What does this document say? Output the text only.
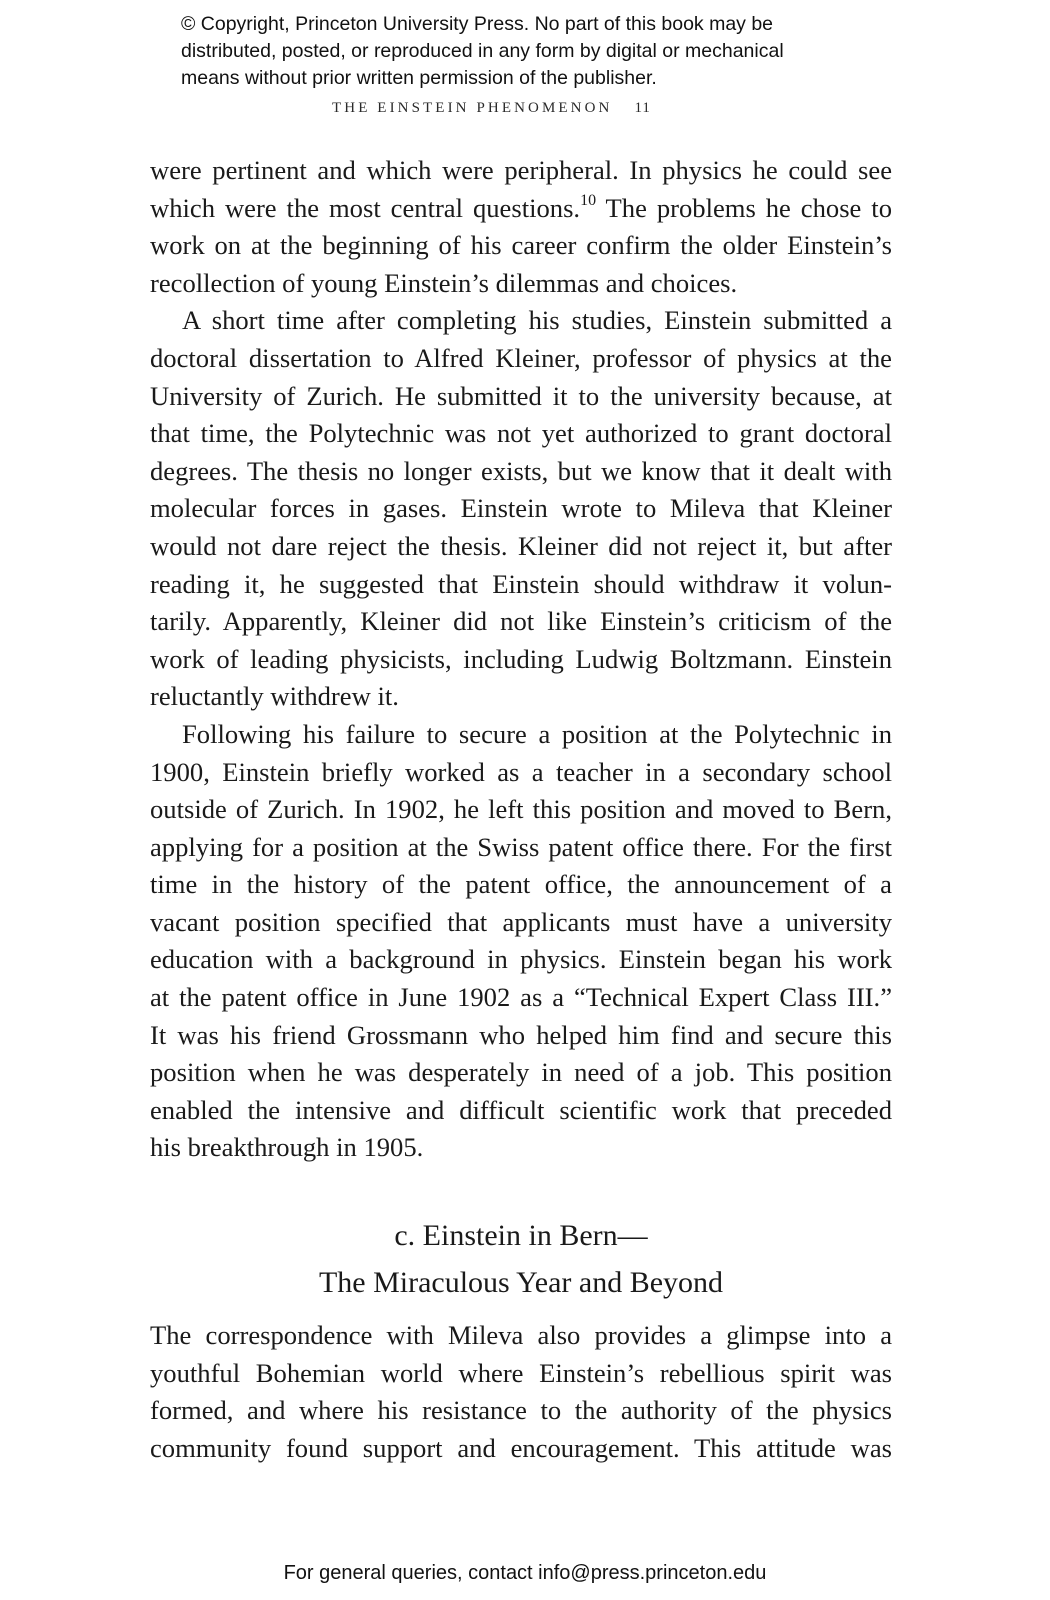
© Copyright, Princeton University Press. No part of this book may be
distributed, posted, or reproduced in any form by digital or mechanical
means without prior written permission of the publisher.
THE EINSTEIN PHENOMENON 11
were pertinent and which were peripheral. In physics he could see
which were the most central questions.$^{10}$ The problems he chose to
work on at the beginning of his career confirm the older Einstein’s
recollection of young Einstein’s dilemmas and choices.
A short time after completing his studies, Einstein submitted a
doctoral dissertation to Alfred Kleiner, professor of physics at the
University of Zurich. He submitted it to the university because, at
that time, the Polytechnic was not yet authorized to grant doctoral
degrees. The thesis no longer exists, but we know that it dealt with
molecular forces in gases. Einstein wrote to Mileva that Kleiner
would not dare reject the thesis. Kleiner did not reject it, but after
reading it, he suggested that Einstein should withdraw it volun-
tarily. Apparently, Kleiner did not like Einstein’s criticism of the
work of leading physicists, including Ludwig Boltzmann. Einstein
reluctantly withdrew it.
Following his failure to secure a position at the Polytechnic in
1900, Einstein briefly worked as a teacher in a secondary school
outside of Zurich. In 1902, he left this position and moved to Bern,
applying for a position at the Swiss patent office there. For the first
time in the history of the patent office, the announcement of a
vacant position specified that applicants must have a university
education with a background in physics. Einstein began his work
at the patent office in June 1902 as a “Technical Expert Class III.”
It was his friend Grossmann who helped him find and secure this
position when he was desperately in need of a job. This position
enabled the intensive and difficult scientific work that preceded
his breakthrough in 1905.
c. Einstein in Bern—
The Miraculous Year and Beyond
The correspondence with Mileva also provides a glimpse into a
youthful Bohemian world where Einstein’s rebellious spirit was
formed, and where his resistance to the authority of the physics
community found support and encouragement. This attitude was
For general queries, contact info@press.princeton.edu
